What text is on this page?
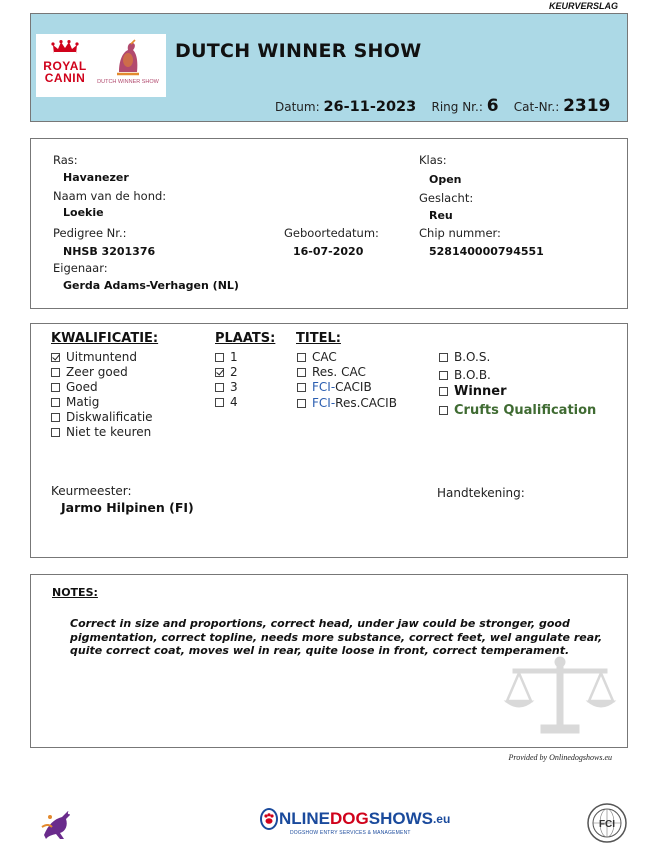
KEURVERSLAG
ROYAL
CANIN	DUTCH WINNER SHOW
DUTCH WINNER SHOW
Datum: 26-11-2023 Ring Nr.: 6 Cat-Nr.: 2319
Ras:
Havanezer
Naam van de hond:
Loekie
Pedigree Nr.:
NHSB 3201376
Geboortedatum:
16-07-2020
Eigenaar:
Gerda Adams-Verhagen (NL)
Klas:
Open
Geslacht:
Reu
Chip nummer:
528140000794551
KWALIFICATIE:
Uitmuntend
Zeer goed
Goed
Matig
Diskwalificatie
Niet te keuren
PLAATS:
1
2
3
4
TITEL:
CAC
Res. CAC
FCI- CACIB
FCI- Res.CACIB
B.O.S.
B.O.B.
Winner
Crufts Qualification
Keurmeester:
Jarmo Hilpinen (FI)
Handtekening:
NOTES:
Correct in size and proportions, correct head, under jaw could be stronger, good pigmentation, correct topline, needs more substance, correct feet, wel angulate rear, quite correct coat, moves wel in rear, quite loose in front, correct temperament.
Provided by Onlinedogshows.eu
NLINE DOG SHOWS .eu
DOGSHOW ENTRY SERVICES & MANAGEMENT
FCI
